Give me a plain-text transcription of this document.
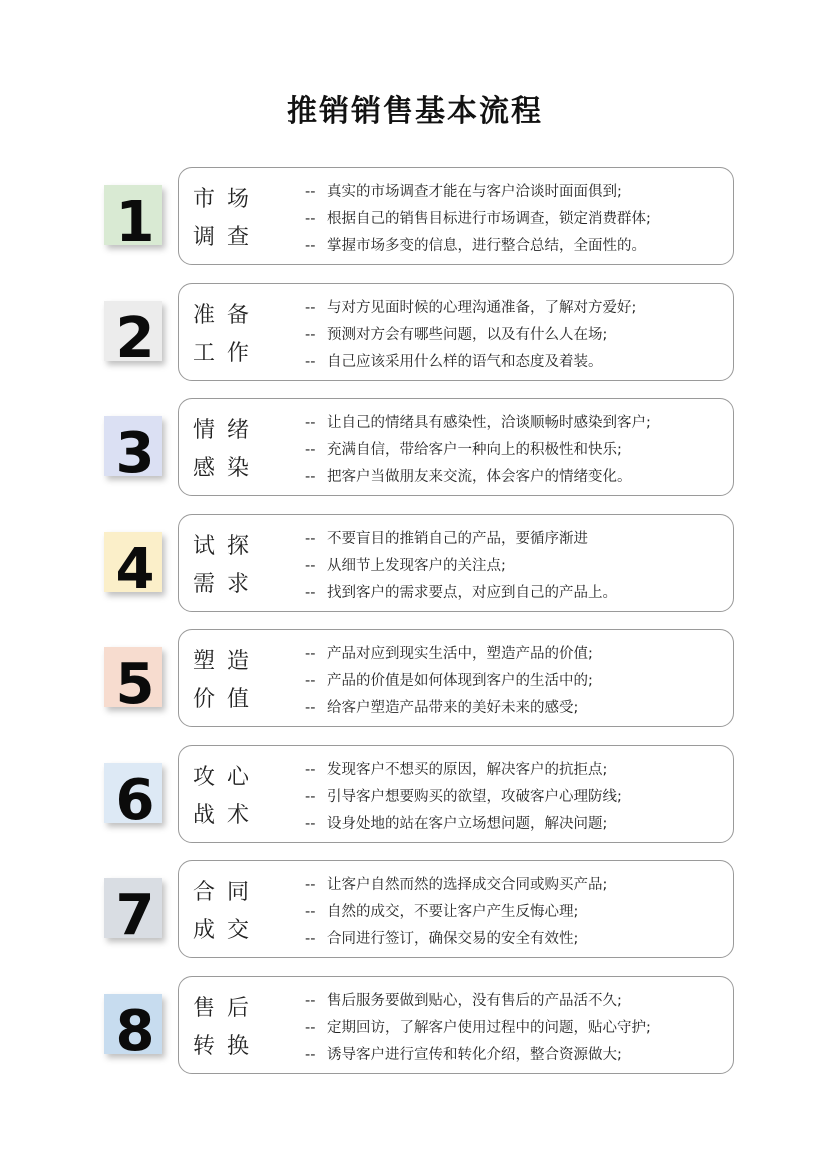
推销销售基本流程
1	市场
调查
-- 真实的市场调查才能在与客户洽谈时面面俱到;
-- 根据自己的销售目标进行市场调查，锁定消费群体;
-- 掌握市场多变的信息，进行整合总结，全面性的。
2	准备
工作
-- 与对方见面时候的心理沟通准备，了解对方爱好;
-- 预测对方会有哪些问题，以及有什么人在场;
-- 自己应该采用什么样的语气和态度及着装。
3	情绪
感染
-- 让自己的情绪具有感染性，洽谈顺畅时感染到客户;
-- 充满自信，带给客户一种向上的积极性和快乐;
-- 把客户当做朋友来交流，体会客户的情绪变化。
4	试探
需求
-- 不要盲目的推销自己的产品，要循序渐进
-- 从细节上发现客户的关注点;
-- 找到客户的需求要点，对应到自己的产品上。
5	塑造
价值
-- 产品对应到现实生活中，塑造产品的价值;
-- 产品的价值是如何体现到客户的生活中的;
-- 给客户塑造产品带来的美好未来的感受;
6	攻心
战术
-- 发现客户不想买的原因，解决客户的抗拒点;
-- 引导客户想要购买的欲望，攻破客户心理防线;
-- 设身处地的站在客户立场想问题，解决问题;
7	合同
成交
-- 让客户自然而然的选择成交合同或购买产品;
-- 自然的成交，不要让客户产生反悔心理;
-- 合同进行签订，确保交易的安全有效性;
8	售后
转换
-- 售后服务要做到贴心，没有售后的产品活不久;
-- 定期回访，了解客户使用过程中的问题，贴心守护;
-- 诱导客户进行宣传和转化介绍，整合资源做大;
